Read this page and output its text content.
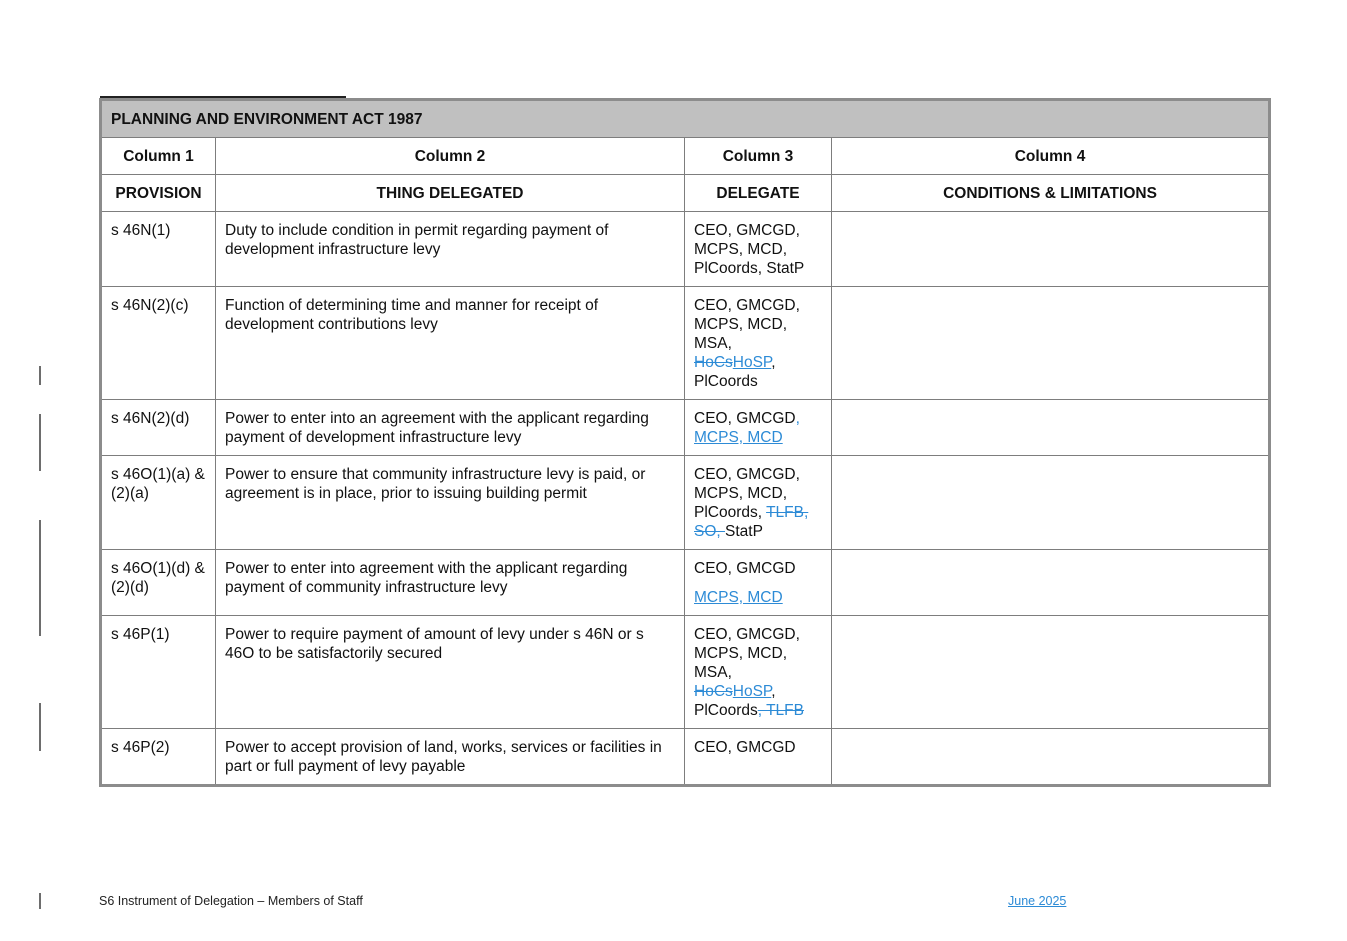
PLANNING AND ENVIRONMENT ACT 1987			
Column 1	Column 2	Column 3	Column 4
PROVISION	THING DELEGATED	DELEGATE	CONDITIONS & LIMITATIONS
s 46N(1)	Duty to include condition in permit regarding payment of development infrastructure levy	CEO, GMCGD,
MCPS, MCD,
PlCoords, StatP	
s 46N(2)(c)	Function of determining time and manner for receipt of development contributions levy	CEO, GMCGD,
MCPS, MCD,
MSA,
HoCsHoSP,
PlCoords	
s 46N(2)(d)	Power to enter into an agreement with the applicant regarding payment of development infrastructure levy	CEO, GMCGD,
MCPS, MCD	
s 46O(1)(a) & (2)(a)	Power to ensure that community infrastructure levy is paid, or agreement is in place, prior to issuing building permit	CEO, GMCGD,
MCPS, MCD,
PlCoords, TLFB,
SO, StatP	
s 46O(1)(d) & (2)(d)	Power to enter into agreement with the applicant regarding payment of community infrastructure levy	CEO, GMCGD
MCPS, MCD	
s 46P(1)	Power to require payment of amount of levy under s 46N or s 46O to be satisfactorily secured	CEO, GMCGD,
MCPS, MCD,
MSA,
HoCsHoSP,
PlCoords, TLFB	
s 46P(2)	Power to accept provision of land, works, services or facilities in part or full payment of levy payable	CEO, GMCGD	
S6 Instrument of Delegation – Members of Staff	June 2025
